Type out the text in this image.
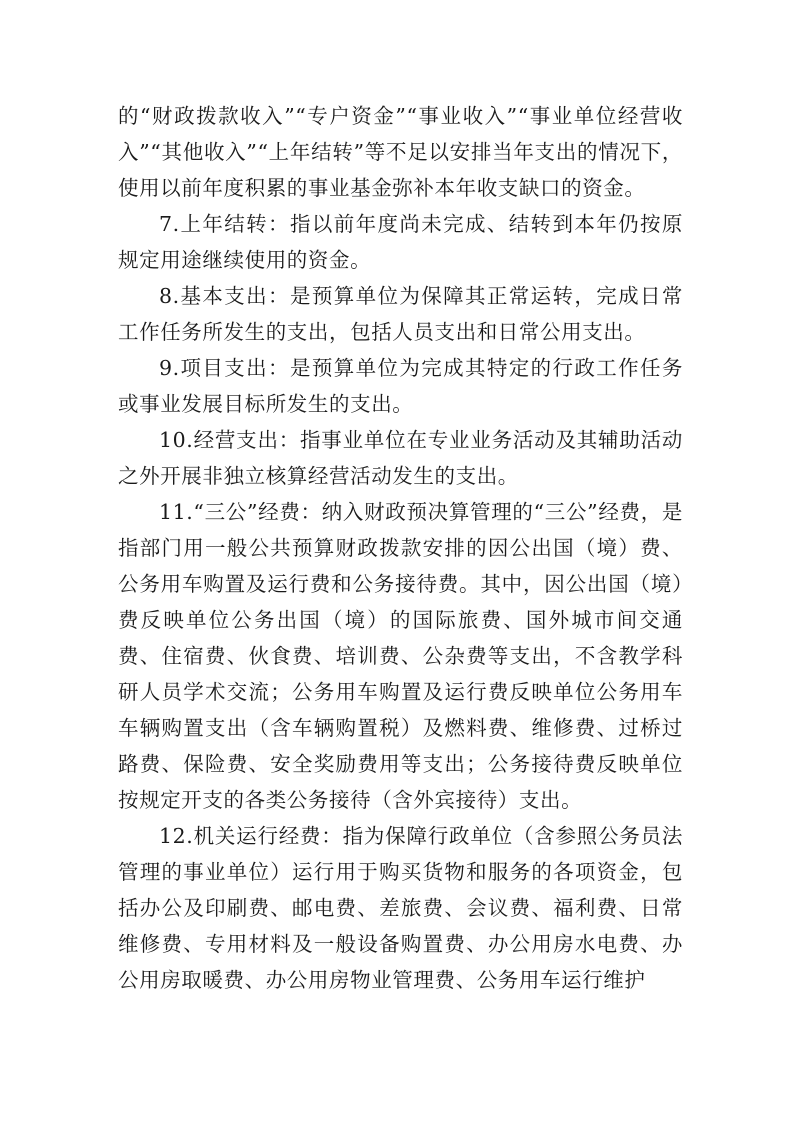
的“财政拨款收入”“专户资金”“事业收入”“事业单位经营收入”“其他收入”“上年结转”等不足以安排当年支出的情况下，使用以前年度积累的事业基金弥补本年收支缺口的资金。

7.上年结转：指以前年度尚未完成、结转到本年仍按原规定用途继续使用的资金。

8.基本支出：是预算单位为保障其正常运转，完成日常工作任务所发生的支出，包括人员支出和日常公用支出。

9.项目支出：是预算单位为完成其特定的行政工作任务或事业发展目标所发生的支出。

10.经营支出：指事业单位在专业业务活动及其辅助活动之外开展非独立核算经营活动发生的支出。

11.“三公”经费：纳入财政预决算管理的“三公”经费，是指部门用一般公共预算财政拨款安排的因公出国（境）费、公务用车购置及运行费和公务接待费。其中，因公出国（境）费反映单位公务出国（境）的国际旅费、国外城市间交通费、住宿费、伙食费、培训费、公杂费等支出，不含教学科研人员学术交流；公务用车购置及运行费反映单位公务用车车辆购置支出（含车辆购置税）及燃料费、维修费、过桥过路费、保险费、安全奖励费用等支出；公务接待费反映单位按规定开支的各类公务接待（含外宾接待）支出。

12.机关运行经费：指为保障行政单位（含参照公务员法管理的事业单位）运行用于购买货物和服务的各项资金，包括办公及印刷费、邮电费、差旅费、会议费、福利费、日常维修费、专用材料及一般设备购置费、办公用房水电费、办公用房取暖费、办公用房物业管理费、公务用车运行维护
